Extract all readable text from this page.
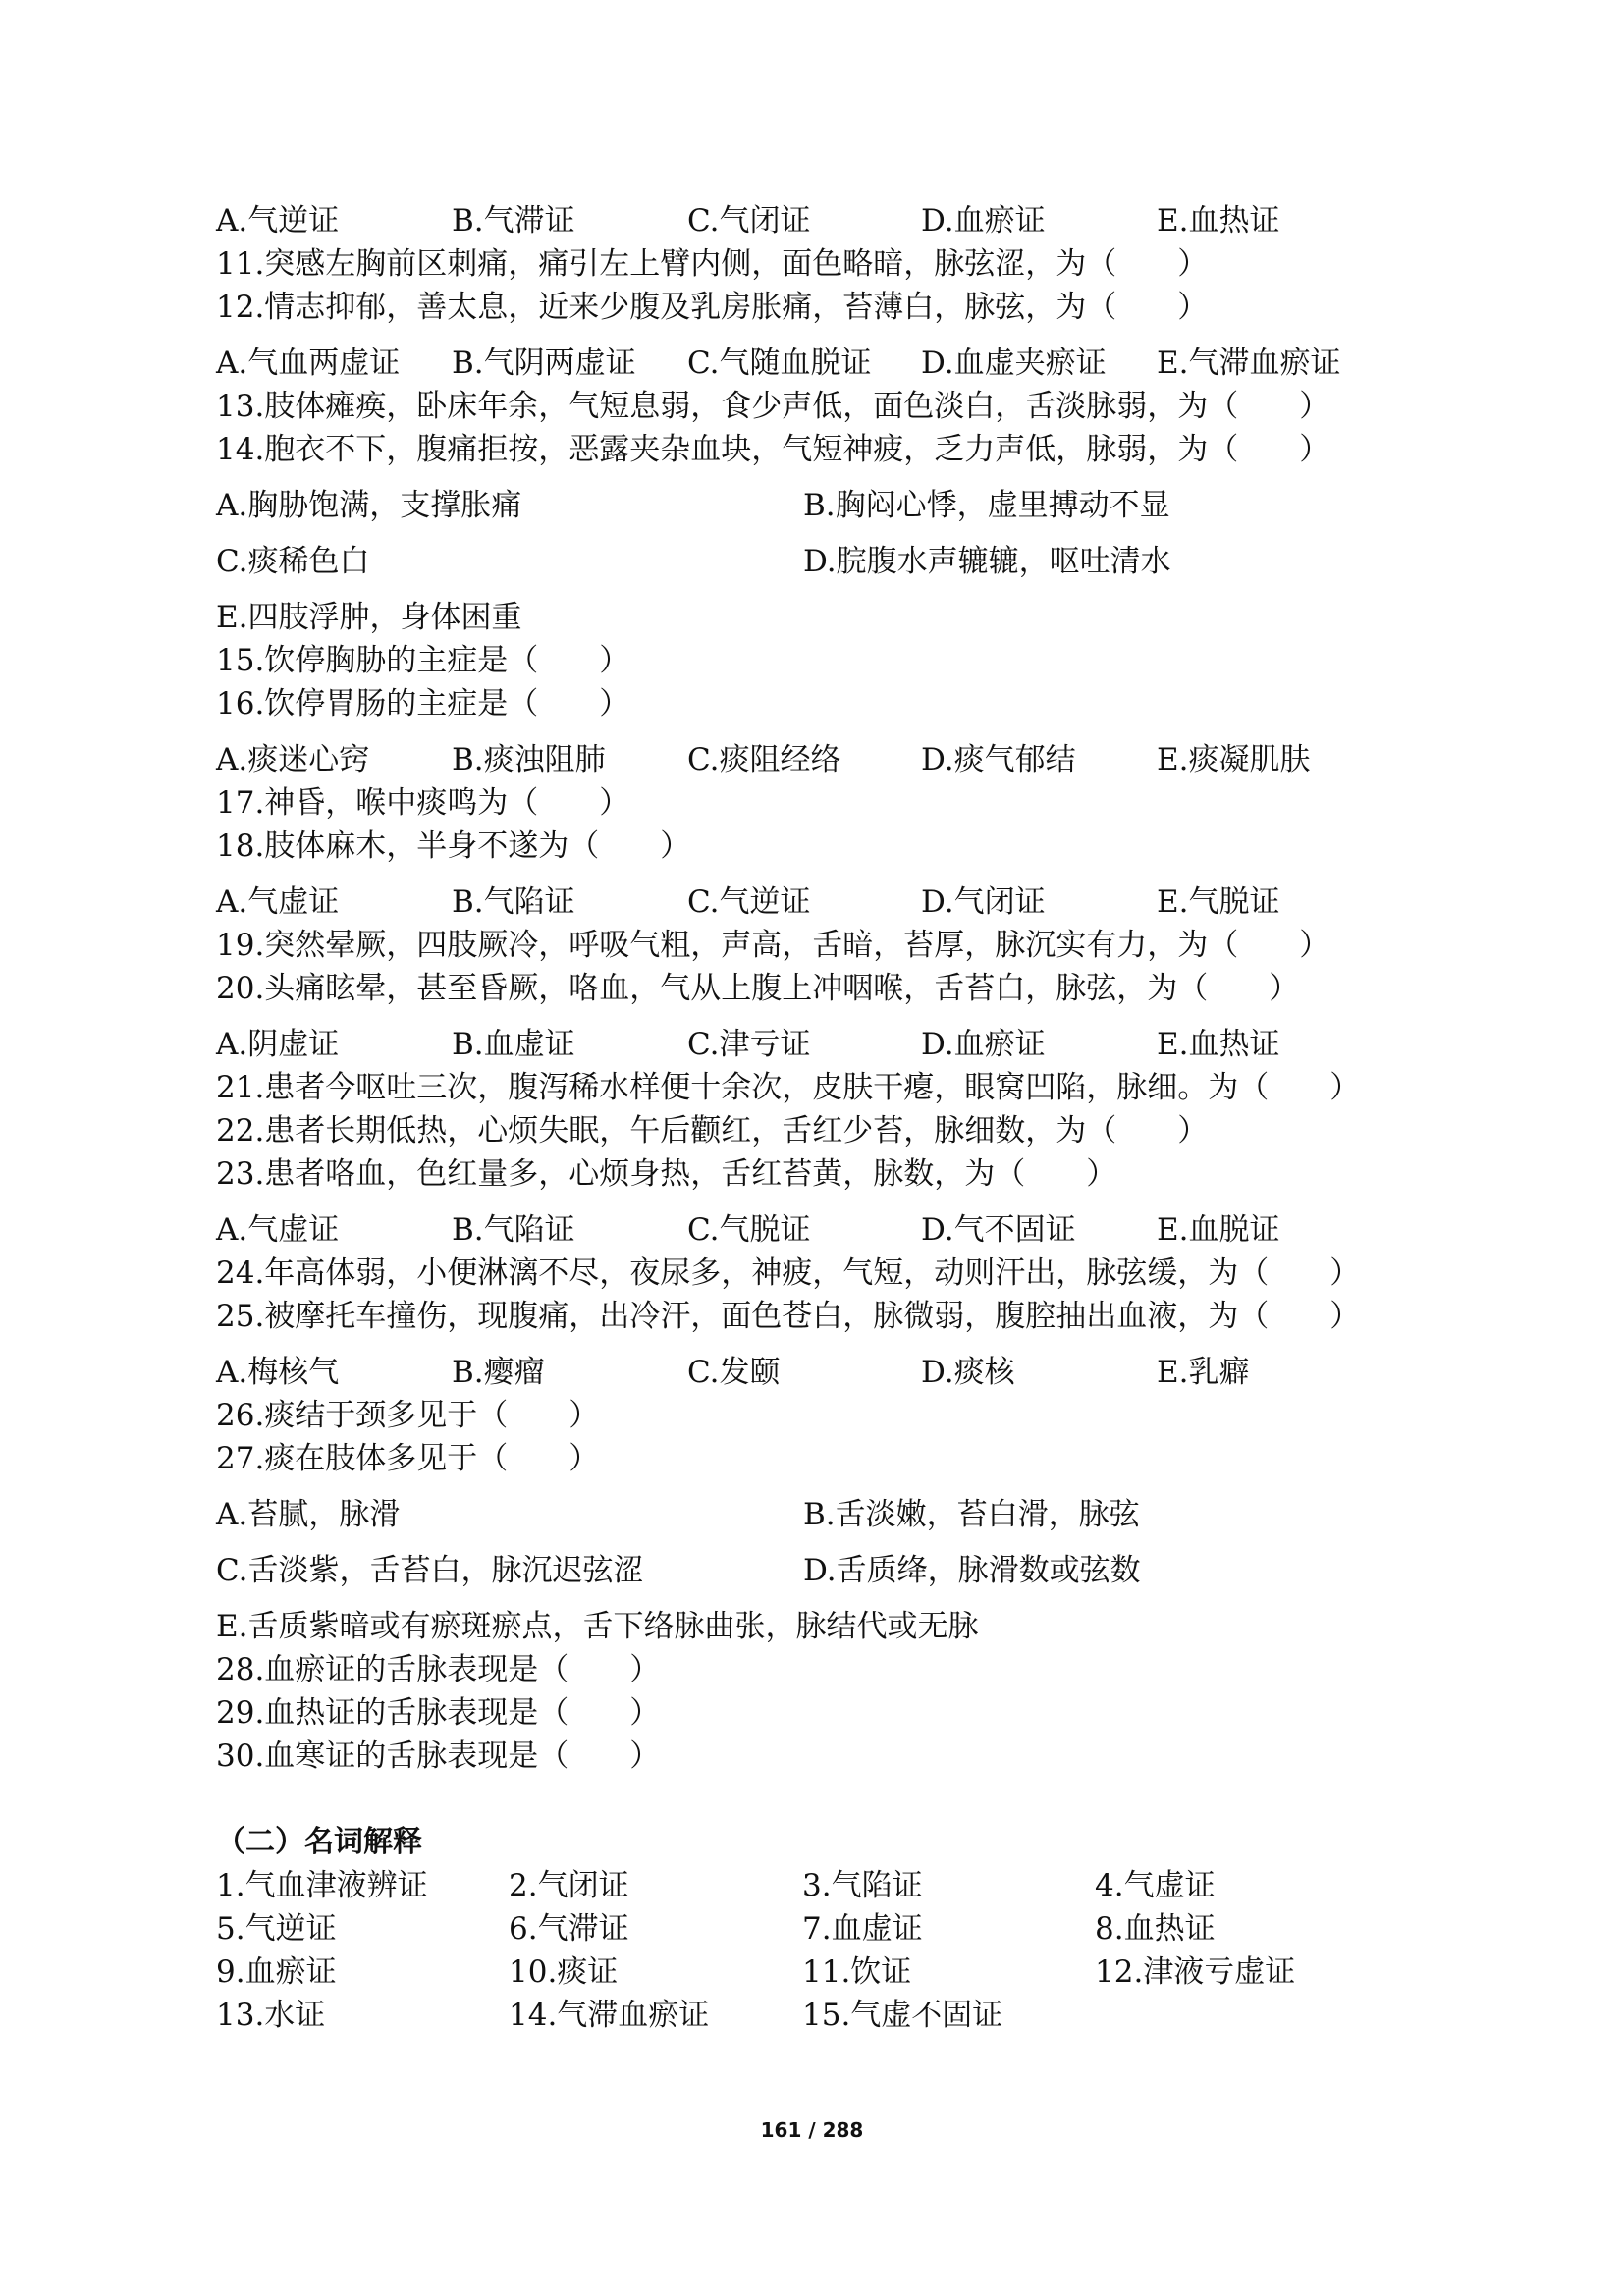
A.气逆证	B.气滞证	C.气闭证	D.血瘀证	E.血热证
11.突感左胸前区刺痛，痛引左上臂内侧，面色略暗，脉弦涩，为（　　）
12.情志抑郁，善太息，近来少腹及乳房胀痛，苔薄白，脉弦，为（　　）
A.气血两虚证 B.气阴两虚证 C.气随血脱证 D.血虚夹瘀证 E.气滞血瘀证
13.肢体瘫痪，卧床年余，气短息弱，食少声低，面色淡白，舌淡脉弱，为（　　）
14.胞衣不下，腹痛拒按，恶露夹杂血块，气短神疲，乏力声低，脉弱，为（　　）
A.胸胁饱满，支撑胀痛	B.胸闷心悸，虚里搏动不显
C.痰稀色白	D.脘腹水声辘辘，呕吐清水
E.四肢浮肿，身体困重
15.饮停胸胁的主症是（　　）
16.饮停胃肠的主症是（　　）
A.痰迷心窍	B.痰浊阻肺	C.痰阻经络	D.痰气郁结	E.痰凝肌肤
17.神昏，喉中痰鸣为（　　）
18.肢体麻木，半身不遂为（　　）
A.气虚证	B.气陷证	C.气逆证	D.气闭证	E.气脱证
19.突然晕厥，四肢厥冷，呼吸气粗，声高，舌暗，苔厚，脉沉实有力，为（　　）
20.头痛眩晕，甚至昏厥，咯血，气从上腹上冲咽喉，舌苔白，脉弦，为（　　）
A.阴虚证	B.血虚证	C.津亏证	D.血瘀证	E.血热证
21.患者今呕吐三次，腹泻稀水样便十余次，皮肤干瘪，眼窝凹陷，脉细。为（　　）
22.患者长期低热，心烦失眠，午后颧红，舌红少苔，脉细数，为（　　）
23.患者咯血，色红量多，心烦身热，舌红苔黄，脉数，为（　　）
A.气虚证	B.气陷证	C.气脱证	D.气不固证	E.血脱证
24.年高体弱，小便淋漓不尽，夜尿多，神疲，气短，动则汗出，脉弦缓，为（　　）
25.被摩托车撞伤，现腹痛，出冷汗，面色苍白，脉微弱，腹腔抽出血液，为（　　）
A.梅核气	B.瘿瘤	C.发颐	D.痰核	E.乳癖
26.痰结于颈多见于（　　）
27.痰在肢体多见于（　　）
A.苔腻，脉滑	B.舌淡嫩，苔白滑，脉弦
C.舌淡紫，舌苔白，脉沉迟弦涩	D.舌质绛，脉滑数或弦数
E.舌质紫暗或有瘀斑瘀点，舌下络脉曲张，脉结代或无脉
28.血瘀证的舌脉表现是（　　）
29.血热证的舌脉表现是（　　）
30.血寒证的舌脉表现是（　　）
（二）名词解释
1.气血津液辨证	2.气闭证	3.气陷证	4.气虚证
5.气逆证	6.气滞证	7.血虚证	8.血热证
9.血瘀证	10.痰证	11.饮证	12.津液亏虚证
13.水证	14.气滞血瘀证	15.气虚不固证
161 / 288
